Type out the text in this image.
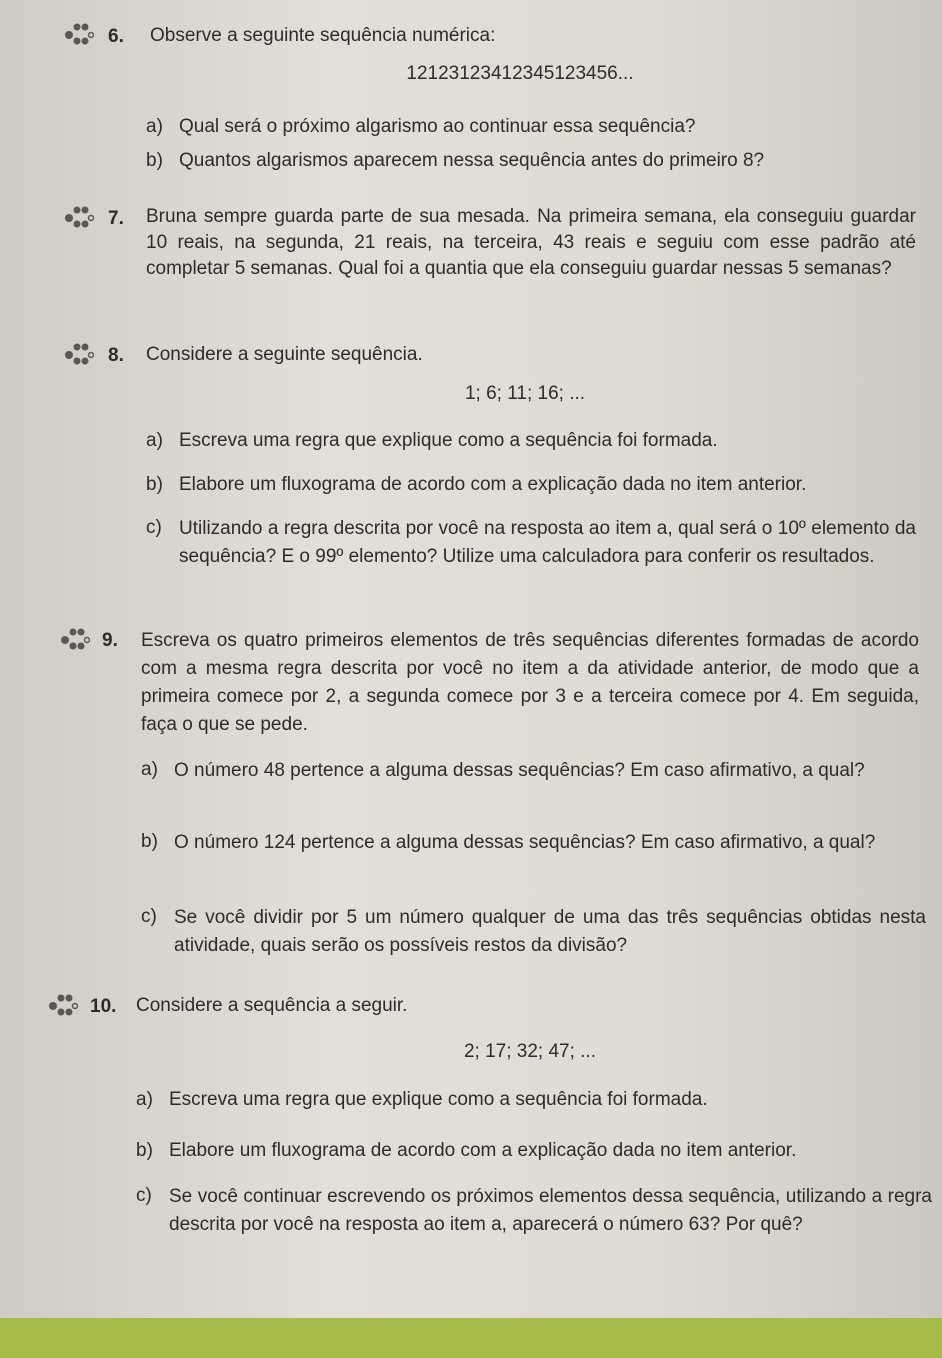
6. Observe a seguinte sequência numérica:
12123123412345123456...
a) Qual será o próximo algarismo ao continuar essa sequência?
b) Quantos algarismos aparecem nessa sequência antes do primeiro 8?
7. Bruna sempre guarda parte de sua mesada. Na primeira semana, ela conseguiu guardar 10 reais, na segunda, 21 reais, na terceira, 43 reais e seguiu com esse padrão até completar 5 semanas. Qual foi a quantia que ela conseguiu guardar nessas 5 semanas?
8. Considere a seguinte sequência.
1; 6; 11; 16; ...
a) Escreva uma regra que explique como a sequência foi formada.
b) Elabore um fluxograma de acordo com a explicação dada no item anterior.
c) Utilizando a regra descrita por você na resposta ao item a, qual será o 10º elemento da sequência? E o 99º elemento? Utilize uma calculadora para conferir os resultados.
9. Escreva os quatro primeiros elementos de três sequências diferentes formadas de acordo com a mesma regra descrita por você no item a da atividade anterior, de modo que a primeira comece por 2, a segunda comece por 3 e a terceira comece por 4. Em seguida, faça o que se pede.
a) O número 48 pertence a alguma dessas sequências? Em caso afirmativo, a qual?
b) O número 124 pertence a alguma dessas sequências? Em caso afirmativo, a qual?
c) Se você dividir por 5 um número qualquer de uma das três sequências obtidas nesta atividade, quais serão os possíveis restos da divisão?
10. Considere a sequência a seguir.
2; 17; 32; 47; ...
a) Escreva uma regra que explique como a sequência foi formada.
b) Elabore um fluxograma de acordo com a explicação dada no item anterior.
c) Se você continuar escrevendo os próximos elementos dessa sequência, utilizando a regra descrita por você na resposta ao item a, aparecerá o número 63? Por quê?
